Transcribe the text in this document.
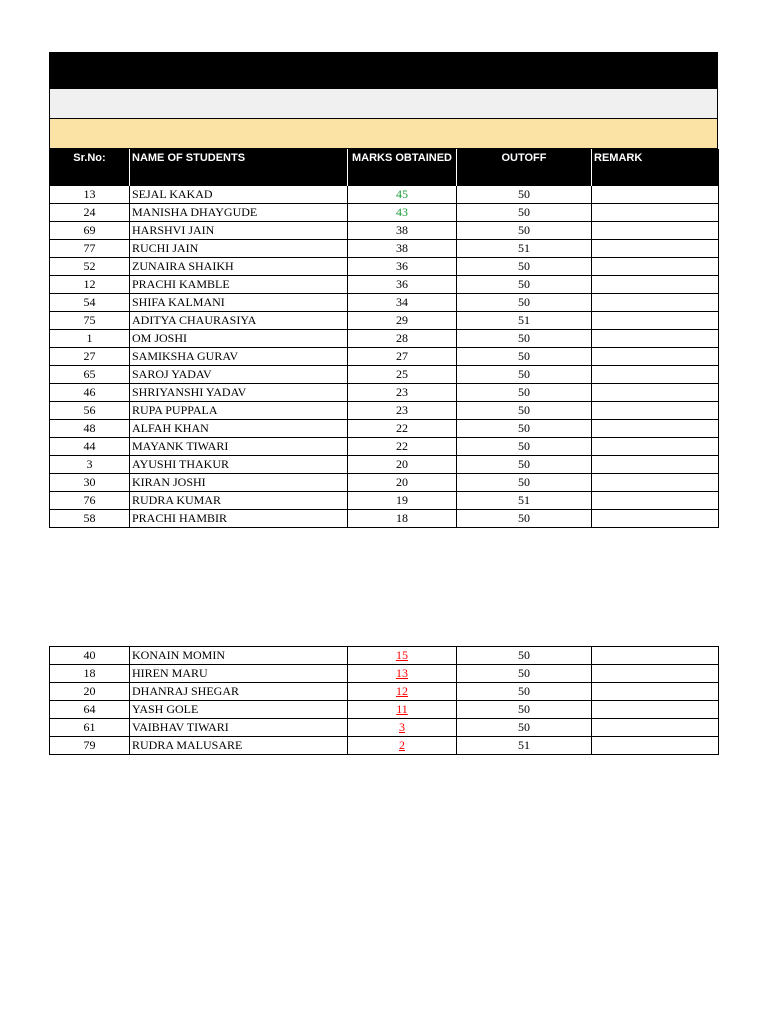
Sr.No:	NAME OF STUDENTS	MARKS OBTAINED	OUTOFF	REMARK
13	SEJAL KAKAD	45	50	
24	MANISHA DHAYGUDE	43	50	
69	HARSHVI JAIN	38	50	
77	RUCHI JAIN	38	51	
52	ZUNAIRA SHAIKH	36	50	
12	PRACHI KAMBLE	36	50	
54	SHIFA KALMANI	34	50	
75	ADITYA CHAURASIYA	29	51	
1	OM JOSHI	28	50	
27	SAMIKSHA GURAV	27	50	
65	SAROJ YADAV	25	50	
46	SHRIYANSHI YADAV	23	50	
56	RUPA PUPPALA	23	50	
48	ALFAH KHAN	22	50	
44	MAYANK TIWARI	22	50	
3	AYUSHI THAKUR	20	50	
30	KIRAN JOSHI	20	50	
76	RUDRA KUMAR	19	51	
58	PRACHI HAMBIR	18	50	
40	KONAIN MOMIN	15	50	
18	HIREN MARU	13	50	
20	DHANRAJ SHEGAR	12	50	
64	YASH GOLE	11	50	
61	VAIBHAV TIWARI	3	50	
79	RUDRA MALUSARE	2	51	
